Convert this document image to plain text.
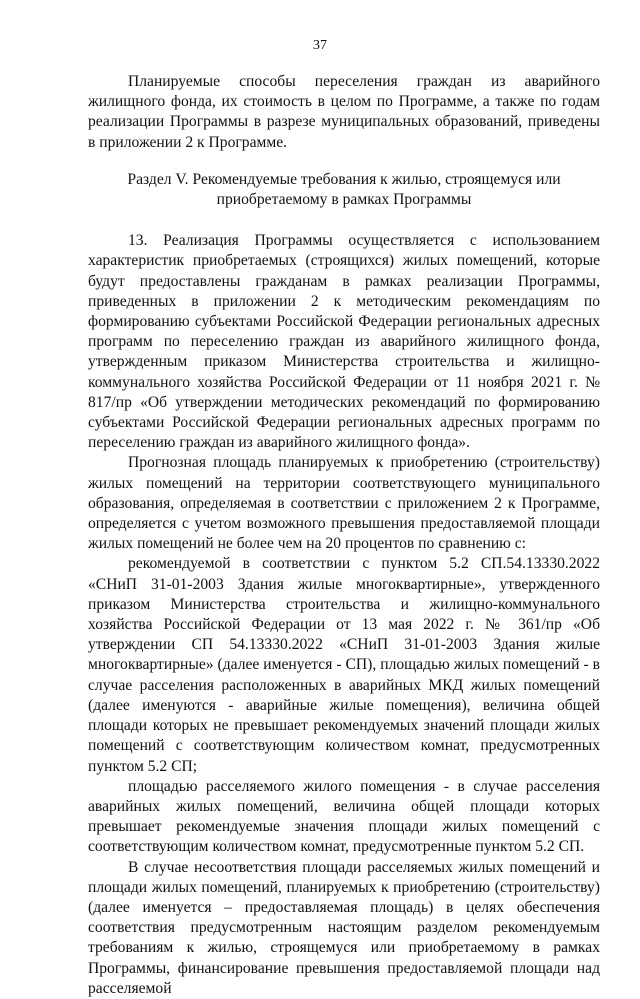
37

Планируемые способы переселения граждан из аварийного жилищного фонда, их стоимость в целом по Программе, а также по годам реализации Программы в разрезе муниципальных образований, приведены в приложении 2 к Программе.

Раздел V. Рекомендуемые требования к жилью, строящемуся или
приобретаемому в рамках Программы

13. Реализация Программы осуществляется с использованием характеристик приобретаемых (строящихся) жилых помещений, которые будут предоставлены гражданам в рамках реализации Программы, приведенных в приложении 2 к методическим рекомендациям по формированию субъектами Российской Федерации региональных адресных программ по переселению граждан из аварийного жилищного фонда, утвержденным приказом Министерства строительства и жилищно-коммунального хозяйства Российской Федерации от 11 ноября 2021 г. № 817/пр «Об утверждении методических рекомендаций по формированию субъектами Российской Федерации региональных адресных программ по переселению граждан из аварийного жилищного фонда».

Прогнозная площадь планируемых к приобретению (строительству) жилых помещений на территории соответствующего муниципального образования, определяемая в соответствии с приложением 2 к Программе, определяется с учетом возможного превышения предоставляемой площади жилых помещений не более чем на 20 процентов по сравнению с:

рекомендуемой в соответствии с пунктом 5.2 СП.54.13330.2022 «СНиП 31-01-2003 Здания жилые многоквартирные», утвержденного приказом Министерства строительства и жилищно-коммунального хозяйства Российской Федерации от 13 мая 2022 г. № 361/пр «Об утверждении СП 54.13330.2022 «СНиП 31-01-2003 Здания жилые многоквартирные» (далее именуется - СП), площадью жилых помещений - в случае расселения расположенных в аварийных МКД жилых помещений (далее именуются - аварийные жилые помещения), величина общей площади которых не превышает рекомендуемых значений площади жилых помещений с соответствующим количеством комнат, предусмотренных пунктом 5.2 СП;

площадью расселяемого жилого помещения - в случае расселения аварийных жилых помещений, величина общей площади которых превышает рекомендуемые значения площади жилых помещений с соответствующим количеством комнат, предусмотренные пунктом 5.2 СП.

В случае несоответствия площади расселяемых жилых помещений и площади жилых помещений, планируемых к приобретению (строительству) (далее именуется – предоставляемая площадь) в целях обеспечения соответствия предусмотренным настоящим разделом рекомендуемым требованиям к жилью, строящемуся или приобретаемому в рамках Программы, финансирование превышения предоставляемой площади над расселяемой
